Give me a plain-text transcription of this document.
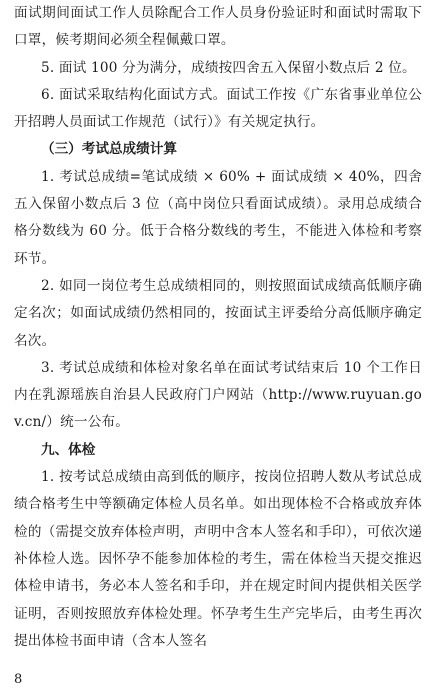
面试期间面试工作人员除配合工作人员身份验证时和面试时需取下口罩，候考期间必须全程佩戴口罩。

5. 面试 100 分为满分，成绩按四舍五入保留小数点后 2 位。

6. 面试采取结构化面试方式。面试工作按《广东省事业单位公开招聘人员面试工作规范（试行）》有关规定执行。

（三）考试总成绩计算

1. 考试总成绩=笔试成绩 × 60% + 面试成绩 × 40%，四舍五入保留小数点后 3 位（高中岗位只看面试成绩）。录用总成绩合格分数线为 60 分。低于合格分数线的考生，不能进入体检和考察环节。

2. 如同一岗位考生总成绩相同的，则按照面试成绩高低顺序确定名次；如面试成绩仍然相同的，按面试主评委给分高低顺序确定名次。

3. 考试总成绩和体检对象名单在面试考试结束后 10 个工作日内在乳源瑶族自治县人民政府门户网站（http://www.ruyuan.gov.cn/）统一公布。

九、体检

1. 按考试总成绩由高到低的顺序，按岗位招聘人数从考试总成绩合格考生中等额确定体检人员名单。如出现体检不合格或放弃体检的（需提交放弃体检声明，声明中含本人签名和手印），可依次递补体检人选。因怀孕不能参加体检的考生，需在体检当天提交推迟体检申请书，务必本人签名和手印，并在规定时间内提供相关医学证明，否则按照放弃体检处理。怀孕考生生产完毕后，由考生再次提出体检书面申请（含本人签名

8
